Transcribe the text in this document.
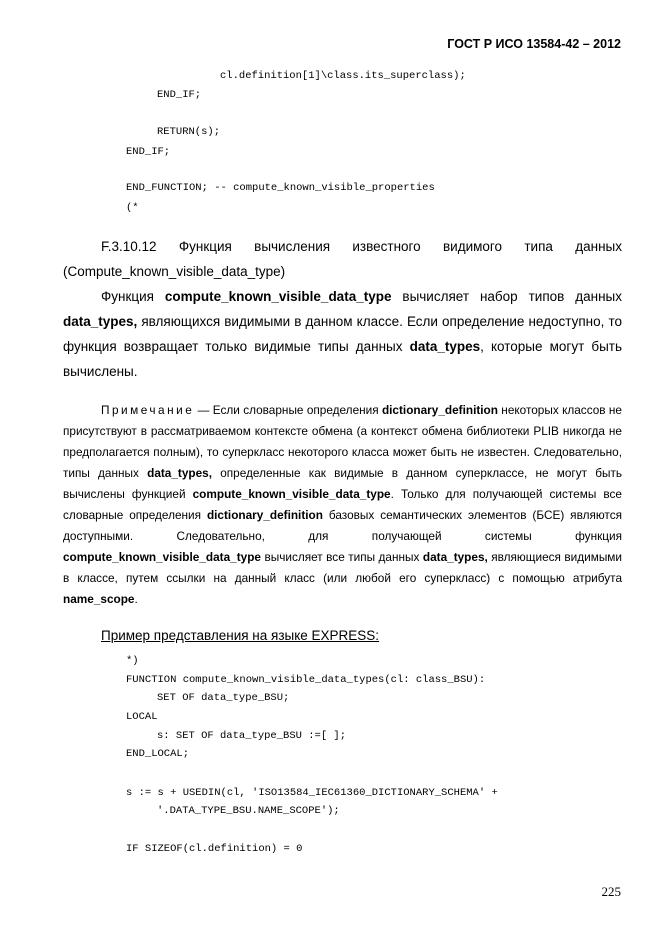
ГОСТ Р ИСО 13584-42 – 2012
cl.definition[1]\class.its_superclass);
END_IF;
RETURN(s);
END_IF;
END_FUNCTION; -- compute_known_visible_properties
(*
F.3.10.12 Функция вычисления известного видимого типа данных (Compute_known_visible_data_type)
Функция compute_known_visible_data_type вычисляет набор типов данных data_types, являющихся видимыми в данном классе. Если определение недоступно, то функция возвращает только видимые типы данных data_types, которые могут быть вычислены.
Примечание — Если словарные определения dictionary_definition некоторых классов не присутствуют в рассматриваемом контексте обмена (а контекст обмена библиотеки PLIB никогда не предполагается полным), то суперкласс некоторого класса может быть не известен. Следовательно, типы данных data_types, определенные как видимые в данном суперклассе, не могут быть вычислены функцией compute_known_visible_data_type. Только для получающей системы все словарные определения dictionary_definition базовых семантических элементов (БСЕ) являются доступными. Следовательно, для получающей системы функция compute_known_visible_data_type вычисляет все типы данных data_types, являющиеся видимыми в классе, путем ссылки на данный класс (или любой его суперкласс) с помощью атрибута name_scope.
Пример представления на языке EXPRESS:
*)
FUNCTION compute_known_visible_data_types(cl: class_BSU):
SET OF data_type_BSU;
LOCAL
s: SET OF data_type_BSU :=[ ];
END_LOCAL;
s := s + USEDIN(cl, 'ISO13584_IEC61360_DICTIONARY_SCHEMA' +
'.DATA_TYPE_BSU.NAME_SCOPE');
IF SIZEOF(cl.definition) = 0
225
